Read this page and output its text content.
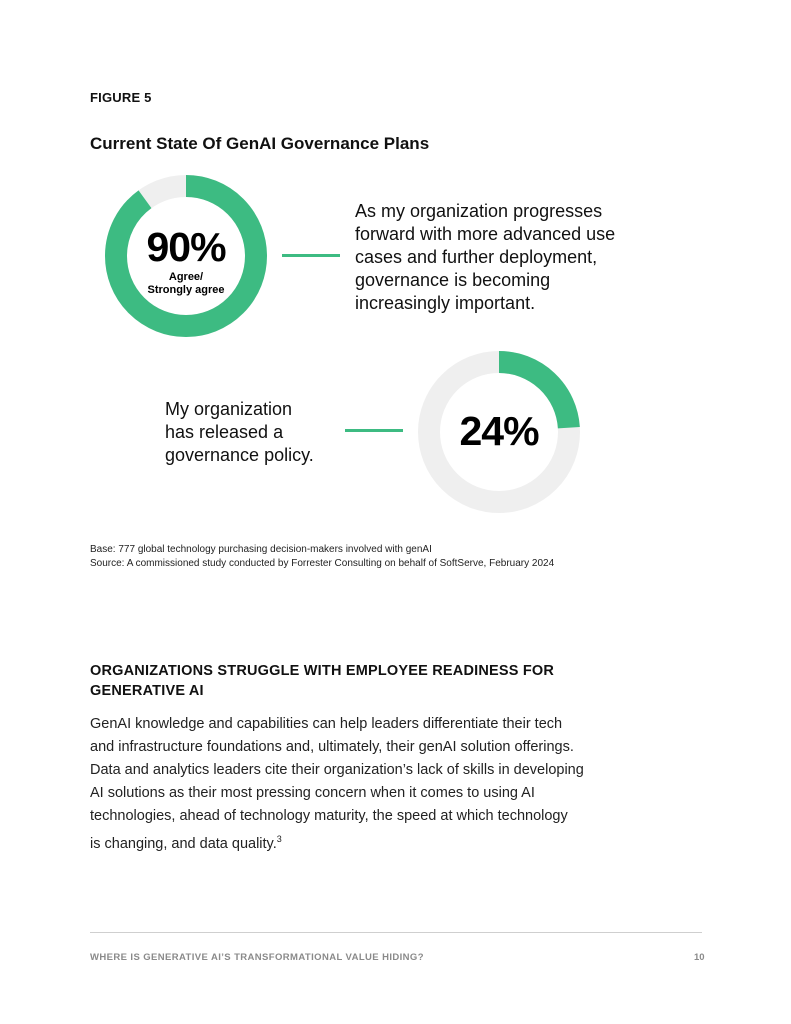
FIGURE 5
Current State Of GenAI Governance Plans
90%
Agree/
Strongly agree
As my organization progresses
forward with more advanced use
cases and further deployment,
governance is becoming
increasingly important.
My organization
has released a
governance policy.
24%
Base: 777 global technology purchasing decision-makers involved with genAI
Source: A commissioned study conducted by Forrester Consulting on behalf of SoftServe, February 2024
ORGANIZATIONS STRUGGLE WITH EMPLOYEE READINESS FOR
GENERATIVE AI
GenAI knowledge and capabilities can help leaders differentiate their tech
and infrastructure foundations and, ultimately, their genAI solution offerings.
Data and analytics leaders cite their organization’s lack of skills in developing
AI solutions as their most pressing concern when it comes to using AI
technologies, ahead of technology maturity, the speed at which technology
is changing, and data quality.$^3$
WHERE IS GENERATIVE AI’S TRANSFORMATIONAL VALUE HIDING?	10
